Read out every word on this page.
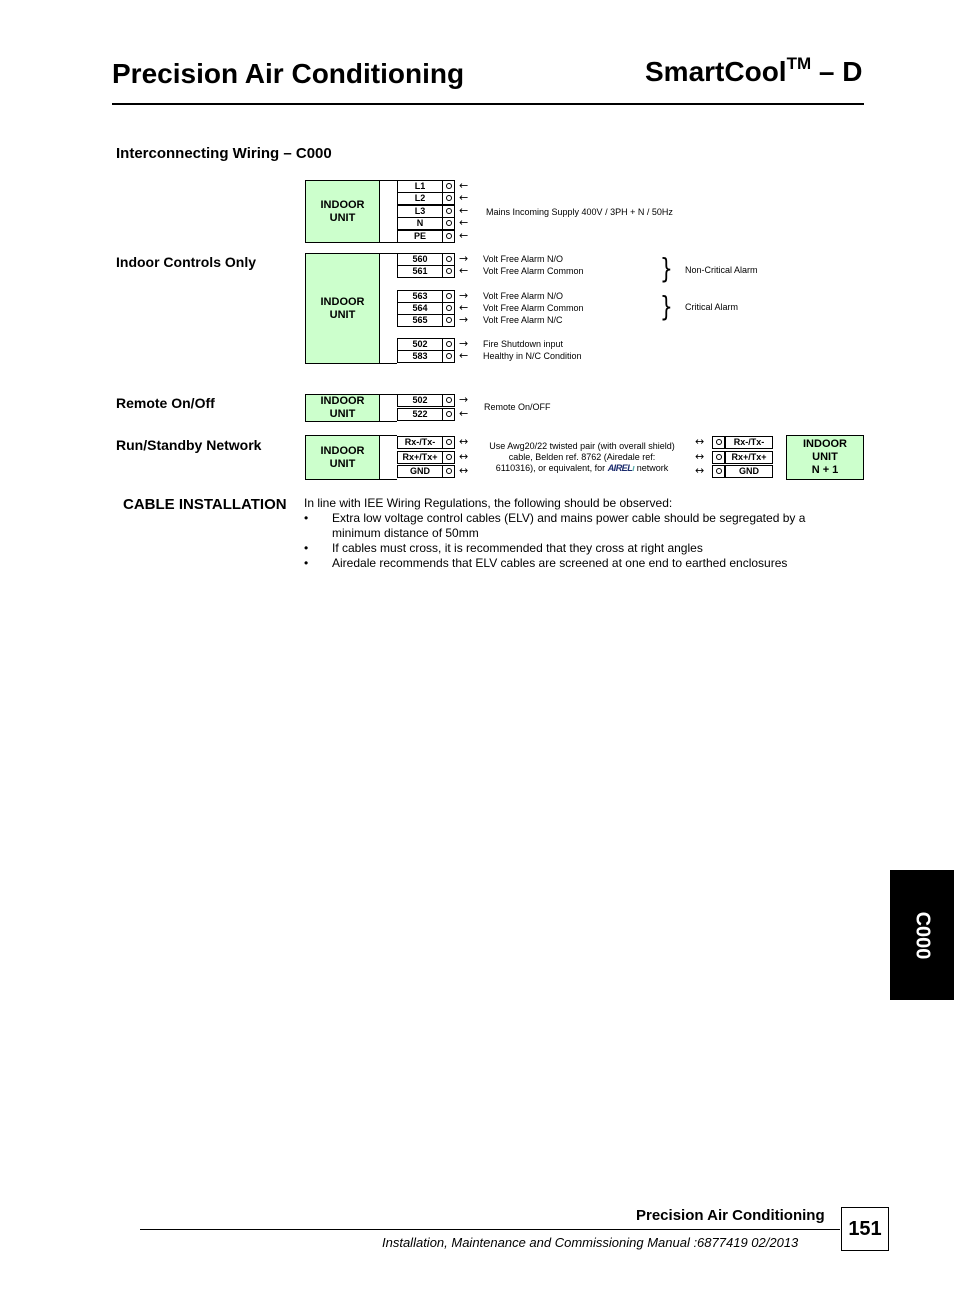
Precision Air Conditioning	SmartCool™ – D
Interconnecting Wiring – C000
INDOOR
UNIT
L1	←
L2	←
L3	←
N	←
PE	←
Mains Incoming Supply 400V / 3PH + N / 50Hz
Indoor Controls Only
INDOOR
UNIT
560	→ Volt Free Alarm N/O
561	← Volt Free Alarm Common
563	→ Volt Free Alarm N/O
564	← Volt Free Alarm Common
565	→ Volt Free Alarm N/C
502	→ Fire Shutdown input
583	← Healthy in N/C Condition
} Non-Critical Alarm
} Critical Alarm
Remote On/Off	INDOOR
UNIT
502	→
522	← Remote On/OFF
Run/Standby Network	INDOOR
UNIT
Rx-/Tx-	↔
Rx+/Tx+	↔
GND	↔
Use Awg20/22 twisted pair (with overall shield)
cable, Belden ref. 8762 (Airedale ref:
6110316), or equivalent, for AIRELı network
Rx-/Tx-
↔
Rx+/Tx+
↔
GND
↔
INDOOR
UNIT
N + 1
CABLE INSTALLATION In line with IEE Wiring Regulations, the following should be observed:
• Extra low voltage control cables (ELV) and mains power cable should be segregated by a minimum distance of 50mm
• If cables must cross, it is recommended that they cross at right angles
• Airedale recommends that ELV cables are screened at one end to earthed enclosures
C000
Precision Air Conditioning
Installation, Maintenance and Commissioning Manual :6877419 02/2013
151
